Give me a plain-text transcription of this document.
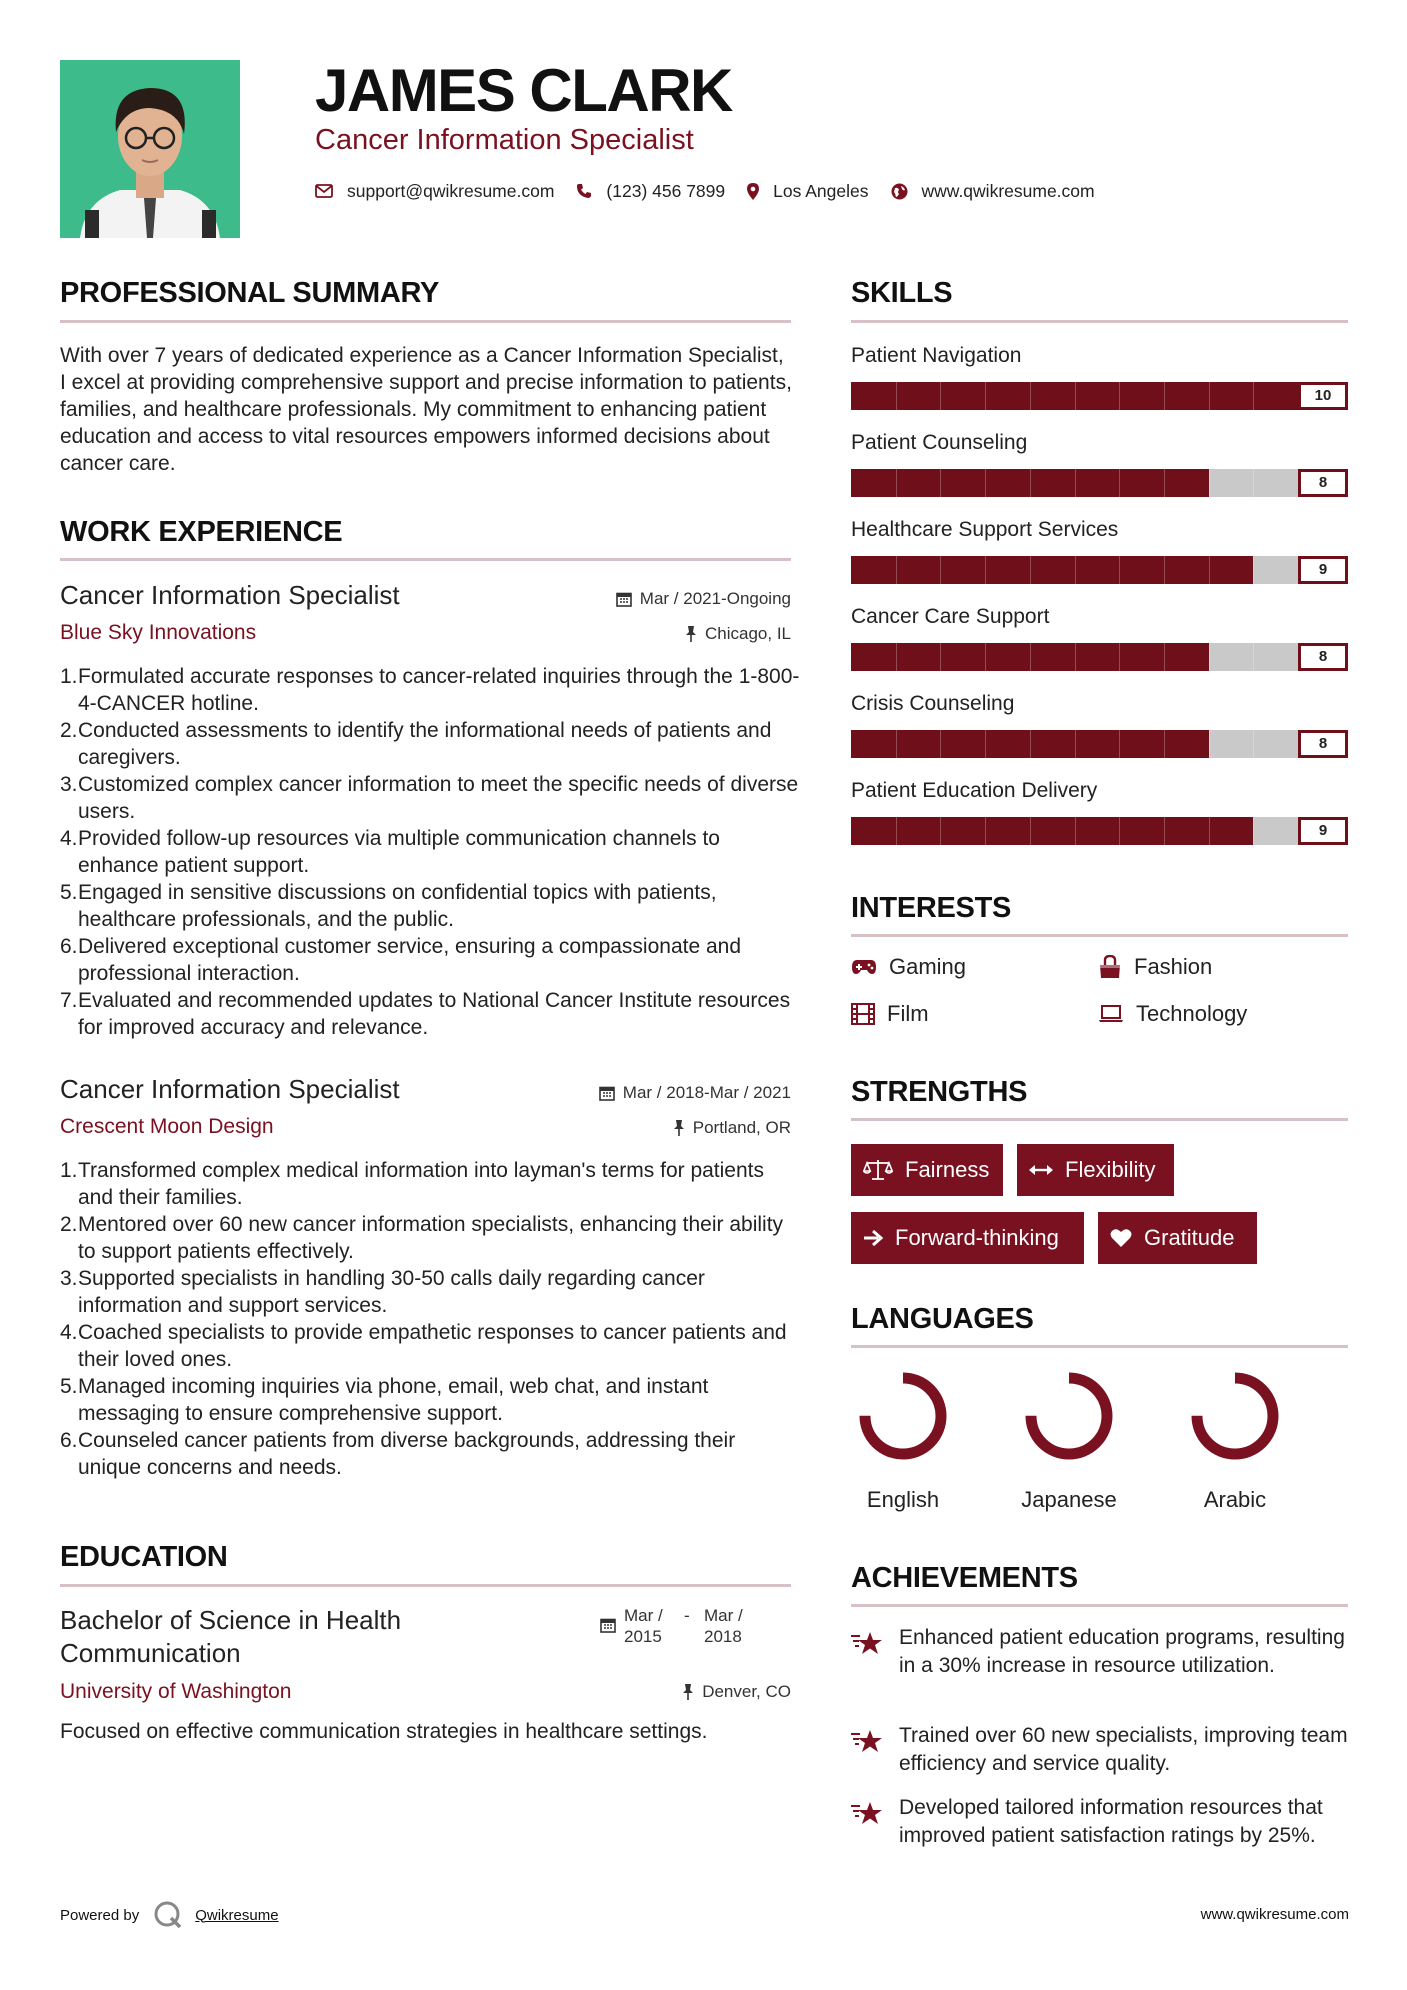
JAMES CLARK
Cancer Information Specialist
support@qwikresume.com	(123) 456 7899	Los Angeles	www.qwikresume.com
PROFESSIONAL SUMMARY
With over 7 years of dedicated experience as a Cancer Information Specialist, I excel at providing comprehensive support and precise information to patients, families, and healthcare professionals. My commitment to enhancing patient education and access to vital resources empowers informed decisions about cancer care.
WORK EXPERIENCE
Cancer Information Specialist	Mar / 2021-Ongoing
Blue Sky Innovations	Chicago, IL
1. Formulated accurate responses to cancer-related inquiries through the 1-800-4-CANCER hotline.
2. Conducted assessments to identify the informational needs of patients and caregivers.
3. Customized complex cancer information to meet the specific needs of diverse users.
4. Provided follow-up resources via multiple communication channels to enhance patient support.
5. Engaged in sensitive discussions on confidential topics with patients, healthcare professionals, and the public.
6. Delivered exceptional customer service, ensuring a compassionate and professional interaction.
7. Evaluated and recommended updates to National Cancer Institute resources for improved accuracy and relevance.
Cancer Information Specialist	Mar / 2018-Mar / 2021
Crescent Moon Design	Portland, OR
1. Transformed complex medical information into layman's terms for patients and their families.
2. Mentored over 60 new cancer information specialists, enhancing their ability to support patients effectively.
3. Supported specialists in handling 30-50 calls daily regarding cancer information and support services.
4. Coached specialists to provide empathetic responses to cancer patients and their loved ones.
5. Managed incoming inquiries via phone, email, web chat, and instant messaging to ensure comprehensive support.
6. Counseled cancer patients from diverse backgrounds, addressing their unique concerns and needs.
EDUCATION
Bachelor of Science in Health Communication
Mar / 2015
- Mar / 2018
University of Washington	Denver, CO
Focused on effective communication strategies in healthcare settings.
SKILLS
Patient Navigation
10
Patient Counseling
8
Healthcare Support Services
9
Cancer Care Support
8
Crisis Counseling
8
Patient Education Delivery
9
INTERESTS
Gaming	Fashion
Film	Technology
STRENGTHS
Fairness	Flexibility
Forward-thinking	Gratitude
LANGUAGES
English	Japanese	Arabic
ACHIEVEMENTS
Enhanced patient education programs, resulting in a 30% increase in resource utilization.
Trained over 60 new specialists, improving team efficiency and service quality.
Developed tailored information resources that improved patient satisfaction ratings by 25%.
Powered by	Qwikresume	www.qwikresume.com
